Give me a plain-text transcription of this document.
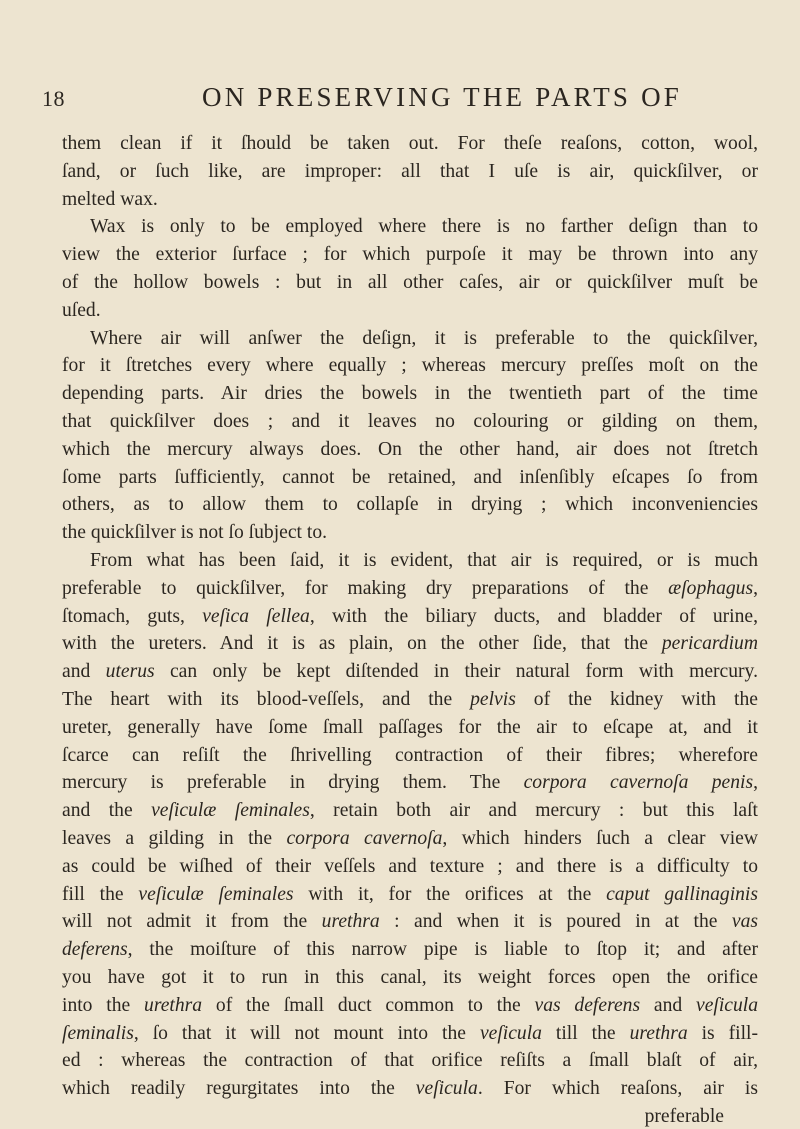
18	ON PRESERVING THE PARTS OF
them clean if it ſhould be taken out. For theſe reaſons, cotton, wool,
ſand, or ſuch like, are improper: all that I uſe is air, quickſilver, or
melted wax.
Wax is only to be employed where there is no farther deſign than to
view the exterior ſurface ; for which purpoſe it may be thrown into any
of the hollow bowels : but in all other caſes, air or quickſilver muſt be
uſed.
Where air will anſwer the deſign, it is preferable to the quickſilver,
for it ſtretches every where equally ; whereas mercury preſſes moſt on the
depending parts. Air dries the bowels in the twentieth part of the time
that quickſilver does ; and it leaves no colouring or gilding on them,
which the mercury always does. On the other hand, air does not ſtretch
ſome parts ſufficiently, cannot be retained, and inſenſibly eſcapes ſo from
others, as to allow them to collapſe in drying ; which inconveniencies
the quickſilver is not ſo ſubject to.
From what has been ſaid, it is evident, that air is required, or is much
preferable to quickſilver, for making dry preparations of the æſophagus,
ſtomach, guts, veſica ſellea, with the biliary ducts, and bladder of urine,
with the ureters. And it is as plain, on the other ſide, that the pericardium
and uterus can only be kept diſtended in their natural form with mercury.
The heart with its blood-veſſels, and the pelvis of the kidney with the
ureter, generally have ſome ſmall paſſages for the air to eſcape at, and it
ſcarce can reſiſt the ſhrivelling contraction of their fibres; wherefore
mercury is preferable in drying them. The corpora cavernoſa penis,
and the veſiculæ ſeminales, retain both air and mercury : but this laſt
leaves a gilding in the corpora cavernoſa, which hinders ſuch a clear view
as could be wiſhed of their veſſels and texture ; and there is a difficulty to
fill the veſiculæ ſeminales with it, for the orifices at the caput gallinaginis
will not admit it from the urethra : and when it is poured in at the vas
deferens, the moiſture of this narrow pipe is liable to ſtop it; and after
you have got it to run in this canal, its weight forces open the orifice
into the urethra of the ſmall duct common to the vas deferens and veſicula
ſeminalis, ſo that it will not mount into the veſicula till the urethra is fill-
ed : whereas the contraction of that orifice reſiſts a ſmall blaſt of air,
which readily regurgitates into the veſicula. For which reaſons, air is
preferable
